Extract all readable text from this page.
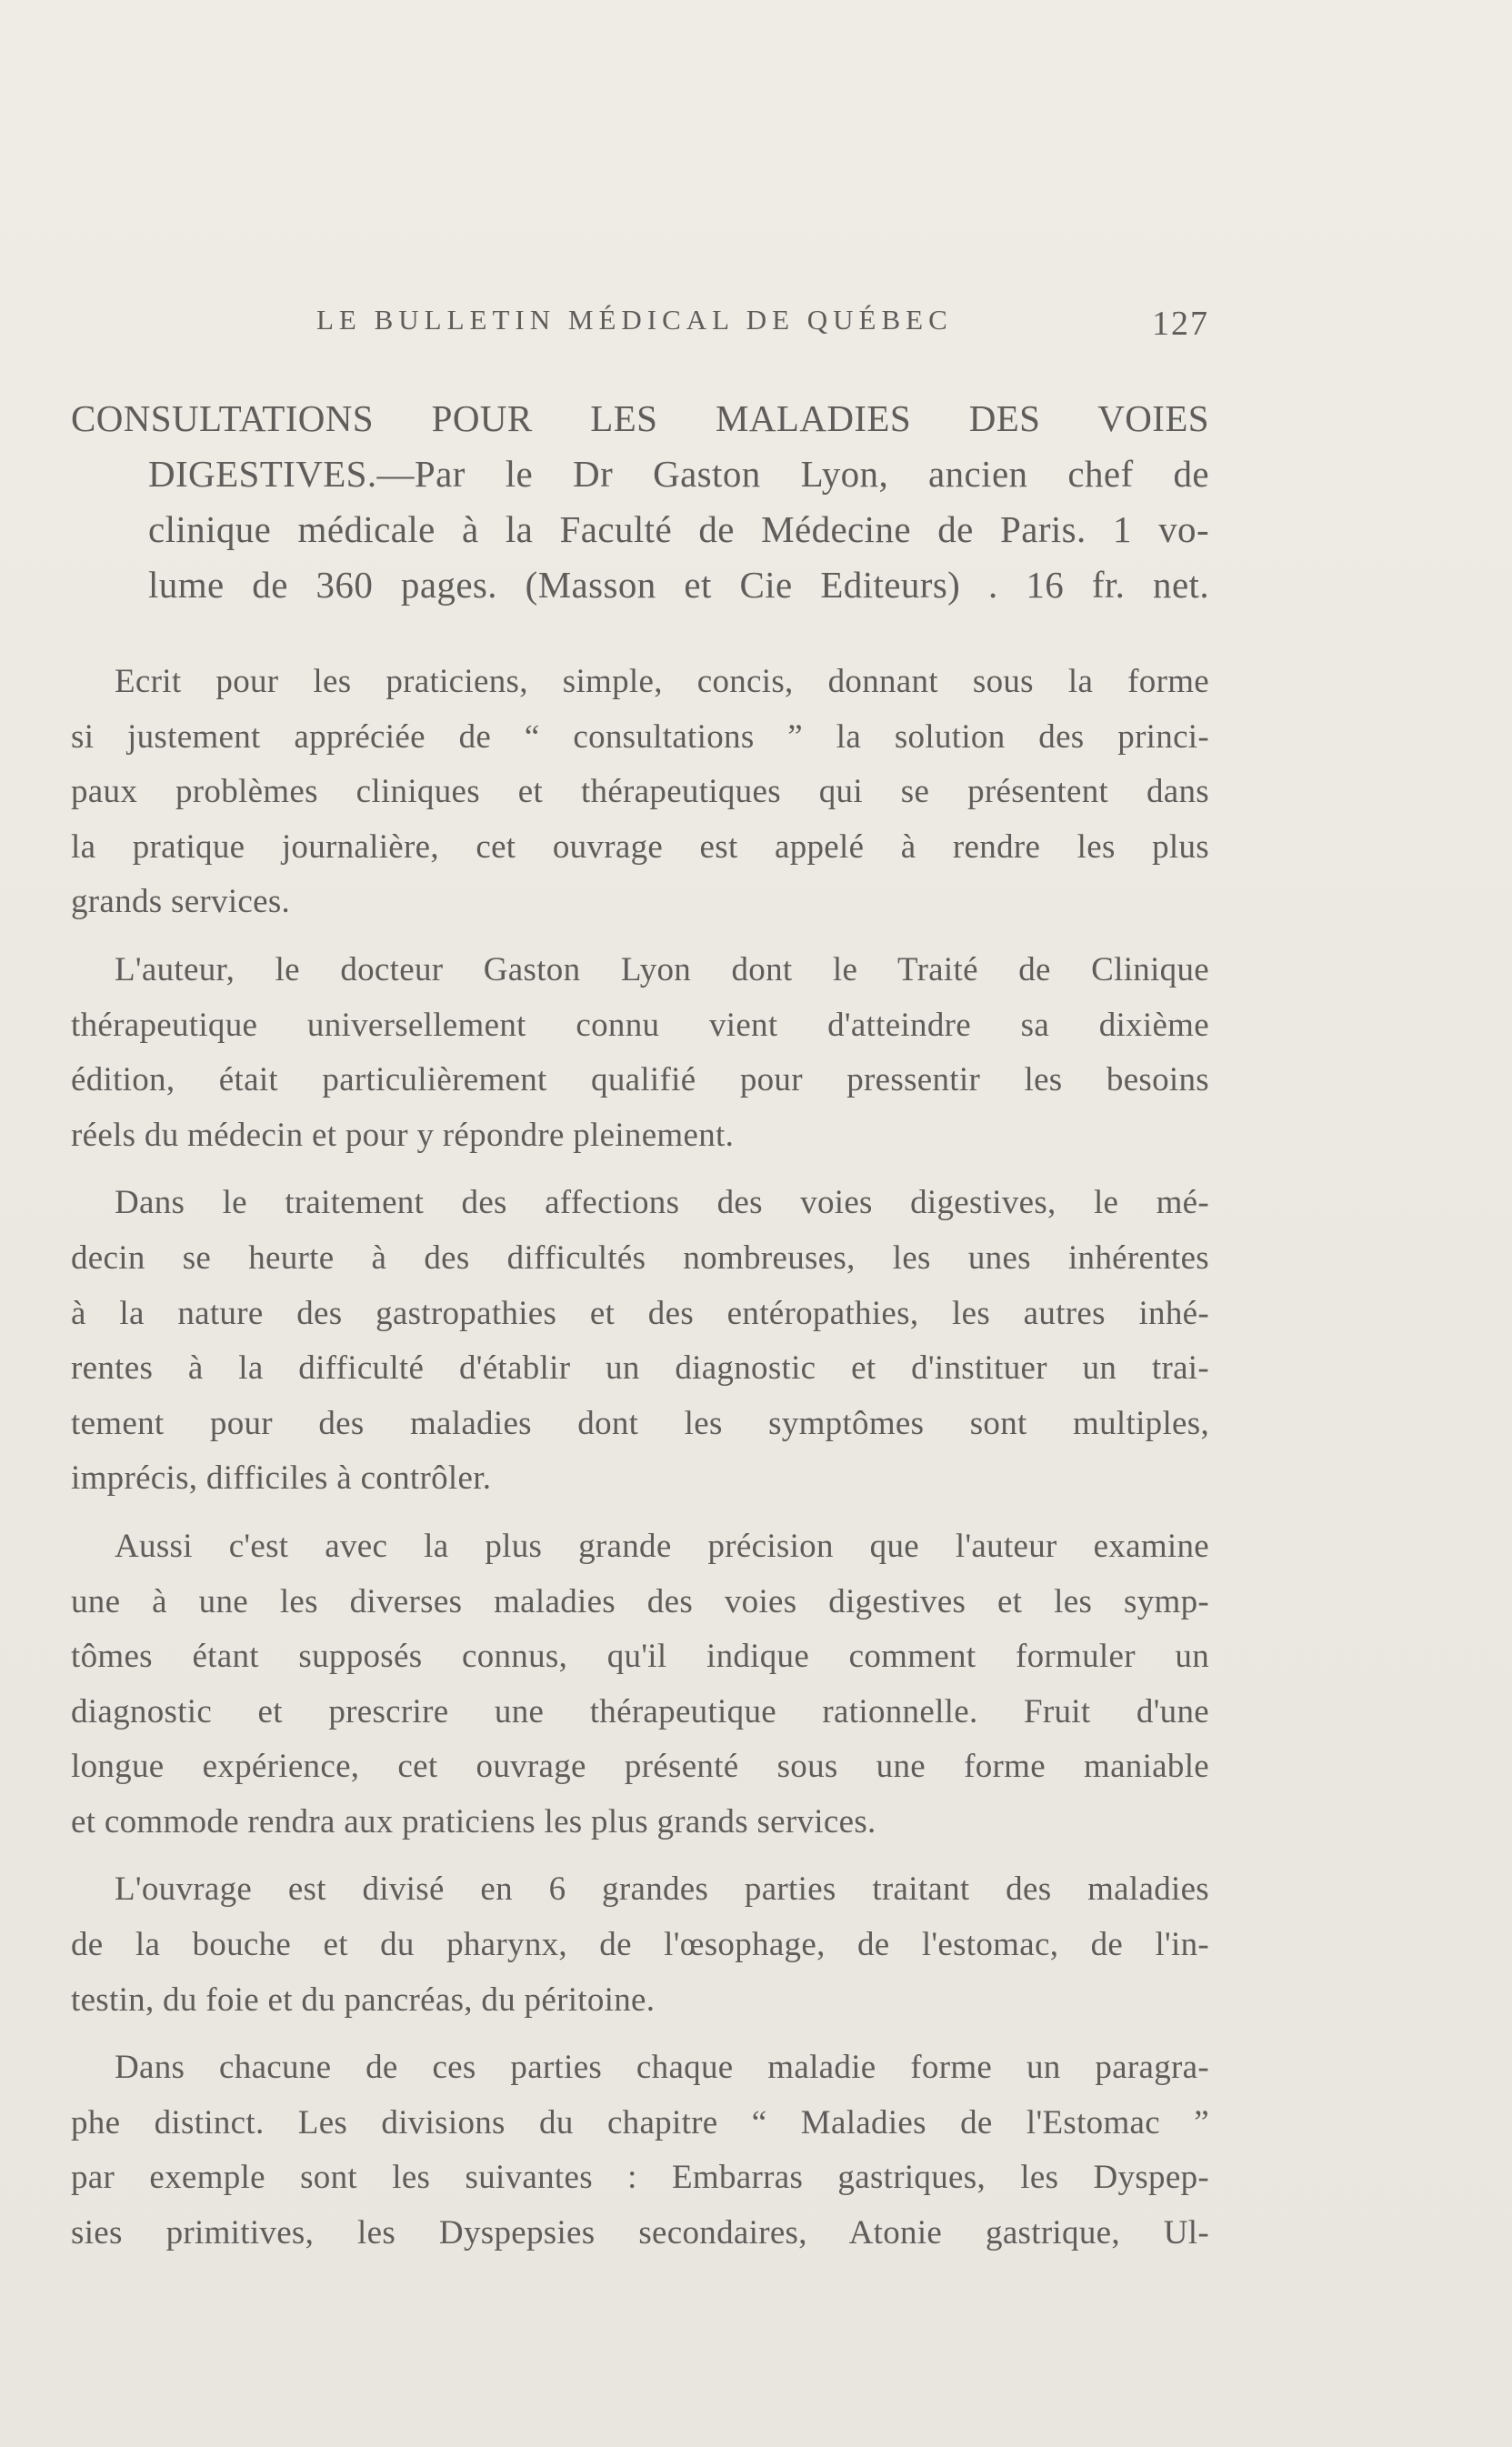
LE BULLETIN MÉDICAL DE QUÉBEC	127

CONSULTATIONS POUR LES MALADIES DES VOIES

DIGESTIVES.—Par le Dr Gaston Lyon, ancien chef de

clinique médicale à la Faculté de Médecine de Paris. 1 vo-

lume de 360 pages. (Masson et Cie Editeurs) . 16 fr. net.

Ecrit pour les praticiens, simple, concis, donnant sous la forme
si justement appréciée de “ consultations ” la solution des princi-
paux problèmes cliniques et thérapeutiques qui se présentent dans
la pratique journalière, cet ouvrage est appelé à rendre les plus
grands services.
L'auteur, le docteur Gaston Lyon dont le Traité de Clinique
thérapeutique universellement connu vient d'atteindre sa dixième
édition, était particulièrement qualifié pour pressentir les besoins
réels du médecin et pour y répondre pleinement.
Dans le traitement des affections des voies digestives, le mé-
decin se heurte à des difficultés nombreuses, les unes inhérentes
à la nature des gastropathies et des entéropathies, les autres inhé-
rentes à la difficulté d'établir un diagnostic et d'instituer un trai-
tement pour des maladies dont les symptômes sont multiples,
imprécis, difficiles à contrôler.
Aussi c'est avec la plus grande précision que l'auteur examine
une à une les diverses maladies des voies digestives et les symp-
tômes étant supposés connus, qu'il indique comment formuler un
diagnostic et prescrire une thérapeutique rationnelle. Fruit d'une
longue expérience, cet ouvrage présenté sous une forme maniable
et commode rendra aux praticiens les plus grands services.
L'ouvrage est divisé en 6 grandes parties traitant des maladies
de la bouche et du pharynx, de l'œsophage, de l'estomac, de l'in-
testin, du foie et du pancréas, du péritoine.
Dans chacune de ces parties chaque maladie forme un paragra-
phe distinct. Les divisions du chapitre “ Maladies de l'Estomac ”
par exemple sont les suivantes : Embarras gastriques, les Dyspep-
sies primitives, les Dyspepsies secondaires, Atonie gastrique, Ul-
